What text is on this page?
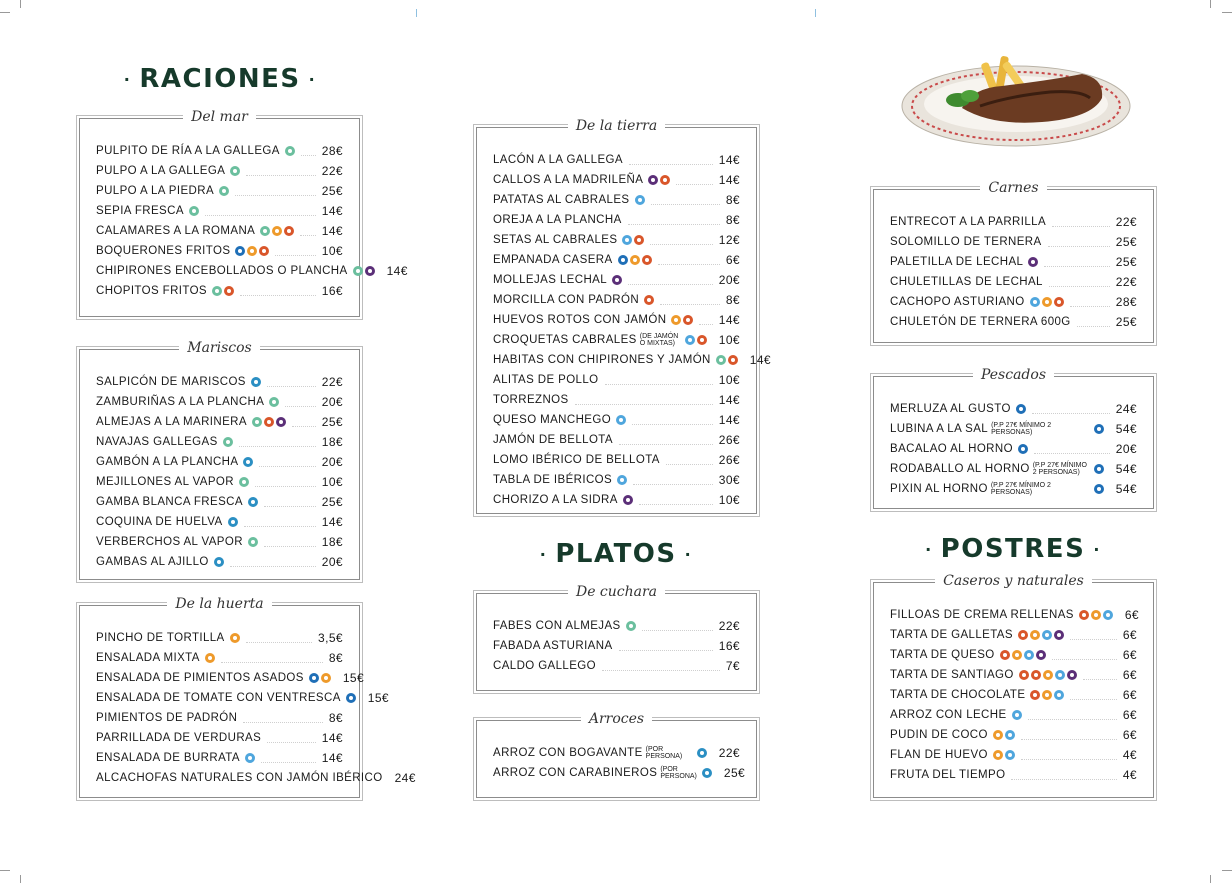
· RACIONES ·
· PLATOS ·	· POSTRES ·
Del mar
PULPITO DE RÍA A LA GALLEGA	28€
PULPO A LA GALLEGA	22€
PULPO A LA PIEDRA	25€
SEPIA FRESCA	14€
CALAMARES A LA ROMANA	14€
BOQUERONES FRITOS	10€
CHIPIRONES ENCEBOLLADOS O PLANCHA	14€
CHOPITOS FRITOS	16€
Mariscos
SALPICÓN DE MARISCOS	22€
ZAMBURIÑAS A LA PLANCHA	20€
ALMEJAS A LA MARINERA	25€
NAVAJAS GALLEGAS	18€
GAMBÓN A LA PLANCHA	20€
MEJILLONES AL VAPOR	10€
GAMBA BLANCA FRESCA	25€
COQUINA DE HUELVA	14€
VERBERCHOS AL VAPOR	18€
GAMBAS AL AJILLO	20€
De la huerta
PINCHO DE TORTILLA	3,5€
ENSALADA MIXTA	8€
ENSALADA DE PIMIENTOS ASADOS	15€
ENSALADA DE TOMATE CON VENTRESCA 15€
PIMIENTOS DE PADRÓN	8€
PARRILLADA DE VERDURAS	14€
ENSALADA DE BURRATA	14€
ALCACHOFAS NATURALES CON JAMÓN IBÉRICO 24€
De la tierra
LACÓN A LA GALLEGA	14€
CALLOS A LA MADRILEÑA	14€
PATATAS AL CABRALES	8€
OREJA A LA PLANCHA	8€
SETAS AL CABRALES	12€
EMPANADA CASERA	6€
MOLLEJAS LECHAL	20€
MORCILLA CON PADRÓN	8€
HUEVOS ROTOS CON JAMÓN	14€
CROQUETAS CABRALES (DE JAMÓN O MIXTAS)	10€
HABITAS CON CHIPIRONES Y JAMÓN	14€
ALITAS DE POLLO	10€
TORREZNOS	14€
QUESO MANCHEGO	14€
JAMÓN DE BELLOTA	26€
LOMO IBÉRICO DE BELLOTA	26€
TABLA DE IBÉRICOS	30€
CHORIZO A LA SIDRA	10€
De cuchara
FABES CON ALMEJAS	22€
FABADA ASTURIANA	16€
CALDO GALLEGO	7€
Arroces
ARROZ CON BOGAVANTE (POR PERSONA)	22€
ARROZ CON CARABINEROS (POR PERSONA) 25€
Carnes
ENTRECOT A LA PARRILLA	22€
SOLOMILLO DE TERNERA	25€
PALETILLA DE LECHAL	25€
CHULETILLAS DE LECHAL	22€
CACHOPO ASTURIANO	28€
CHULETÓN DE TERNERA 600G	25€
Pescados
MERLUZA AL GUSTO	24€
LUBINA A LA SAL (P.P 27€ MÍNIMO 2 PERSONAS)	54€
BACALAO AL HORNO	20€
RODABALLO AL HORNO (P.P 27€ MÍNIMO 2 PERSONAS)	54€
PIXIN AL HORNO (P.P 27€ MÍNIMO 2 PERSONAS)	54€
Caseros y naturales
FILLOAS DE CREMA RELLENAS	6€
TARTA DE GALLETAS	6€
TARTA DE QUESO	6€
TARTA DE SANTIAGO	6€
TARTA DE CHOCOLATE	6€
ARROZ CON LECHE	6€
PUDIN DE COCO	6€
FLAN DE HUEVO	4€
FRUTA DEL TIEMPO	4€
